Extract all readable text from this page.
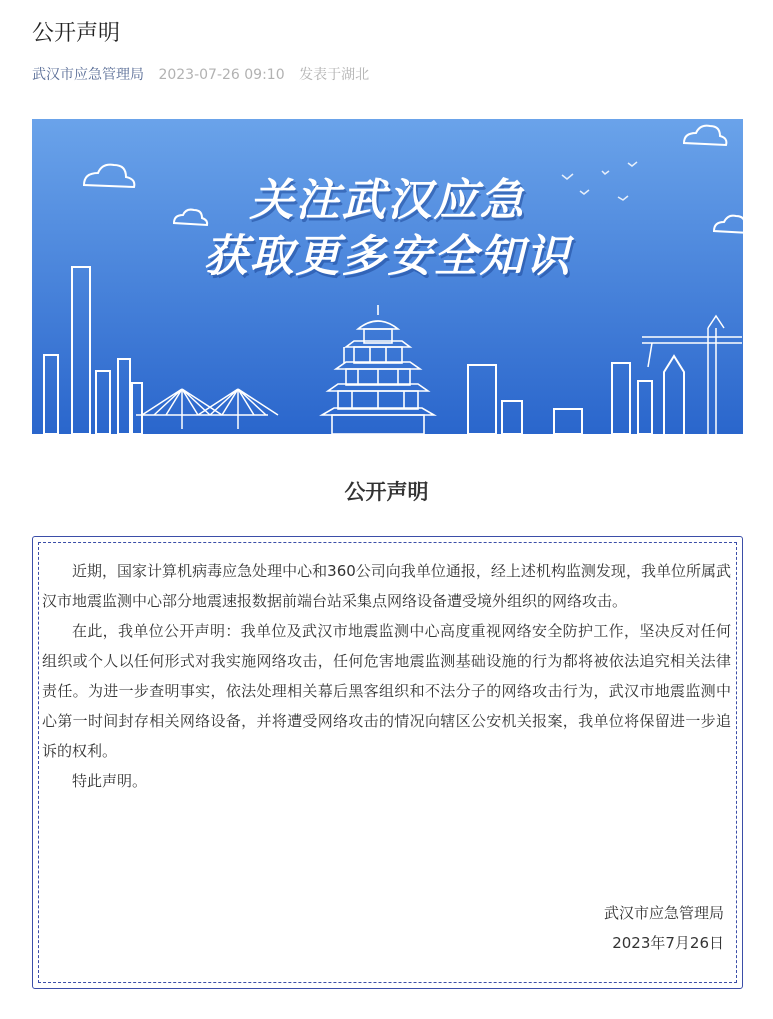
公开声明
武汉市应急管理局 2023-07-26 09:10 发表于湖北
关注武汉应急
获取更多安全知识
公开声明

近期，国家计算机病毒应急处理中心和360公司向我单位通报，经上述机构监测发现，我单位所属武汉市地震监测中心部分地震速报数据前端台站采集点网络设备遭受境外组织的网络攻击。

在此，我单位公开声明：我单位及武汉市地震监测中心高度重视网络安全防护工作，坚决反对任何组织或个人以任何形式对我实施网络攻击，任何危害地震监测基础设施的行为都将被依法追究相关法律责任。为进一步查明事实，依法处理相关幕后黑客组织和不法分子的网络攻击行为，武汉市地震监测中心第一时间封存相关网络设备，并将遭受网络攻击的情况向辖区公安机关报案，我单位将保留进一步追诉的权利。

特此声明。

武汉市应急管理局
2023年7月26日
